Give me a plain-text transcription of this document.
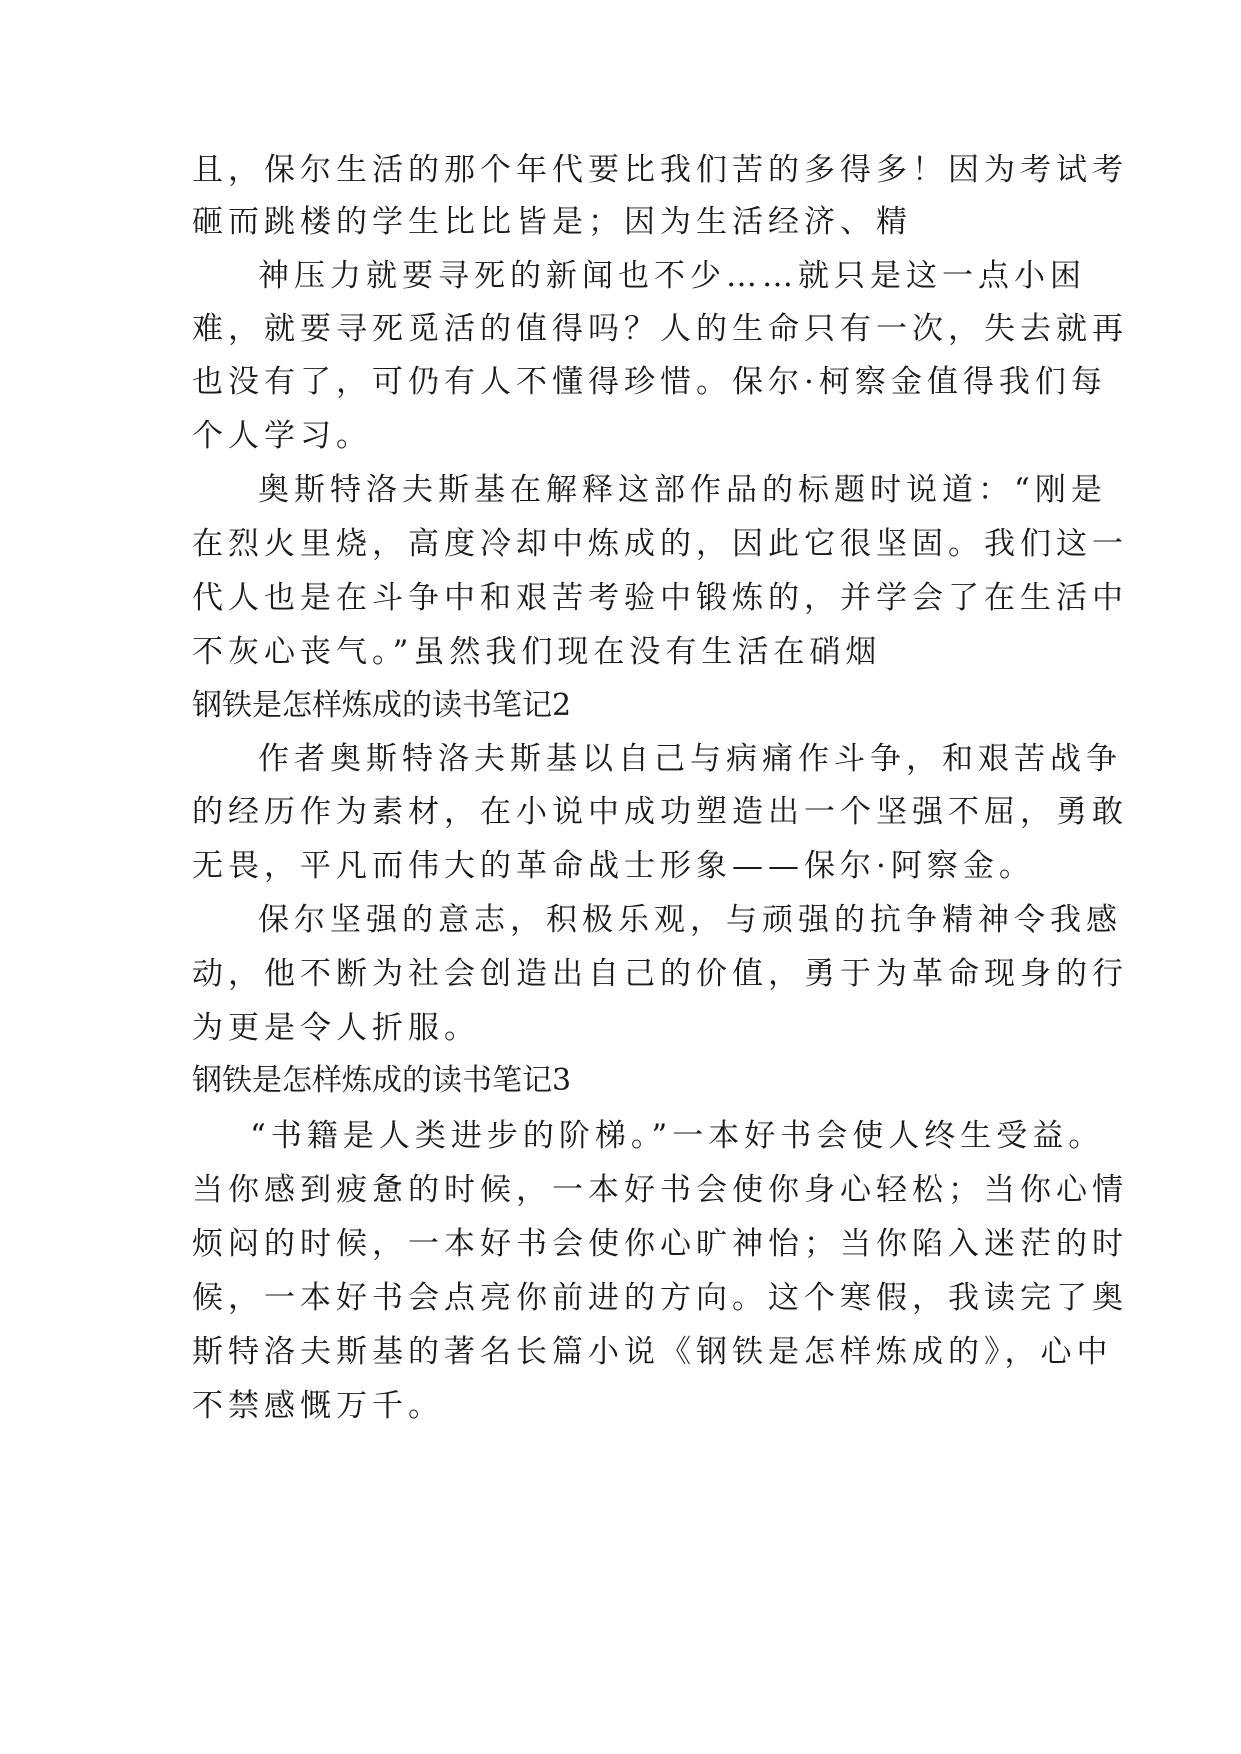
且，保尔生活的那个年代要比我们苦的多得多！因为考试考
砸而跳楼的学生比比皆是；因为生活经济、精
神压力就要寻死的新闻也不少……就只是这一点小困
难，就要寻死觅活的值得吗？人的生命只有一次，失去就再
也没有了，可仍有人不懂得珍惜。保尔·柯察金值得我们每
个人学习。
奥斯特洛夫斯基在解释这部作品的标题时说道：“刚是
在烈火里烧，高度冷却中炼成的，因此它很坚固。我们这一
代人也是在斗争中和艰苦考验中锻炼的，并学会了在生活中
不灰心丧气。”虽然我们现在没有生活在硝烟
钢铁是怎样炼成的读书笔记2
作者奥斯特洛夫斯基以自己与病痛作斗争，和艰苦战争
的经历作为素材，在小说中成功塑造出一个坚强不屈，勇敢
无畏，平凡而伟大的革命战士形象——保尔·阿察金。
保尔坚强的意志，积极乐观，与顽强的抗争精神令我感
动，他不断为社会创造出自己的价值，勇于为革命现身的行
为更是令人折服。
钢铁是怎样炼成的读书笔记3
“书籍是人类进步的阶梯。”一本好书会使人终生受益。
当你感到疲惫的时候，一本好书会使你身心轻松；当你心情
烦闷的时候，一本好书会使你心旷神怡；当你陷入迷茫的时
候，一本好书会点亮你前进的方向。这个寒假，我读完了奥
斯特洛夫斯基的著名长篇小说《钢铁是怎样炼成的》，心中
不禁感慨万千。
